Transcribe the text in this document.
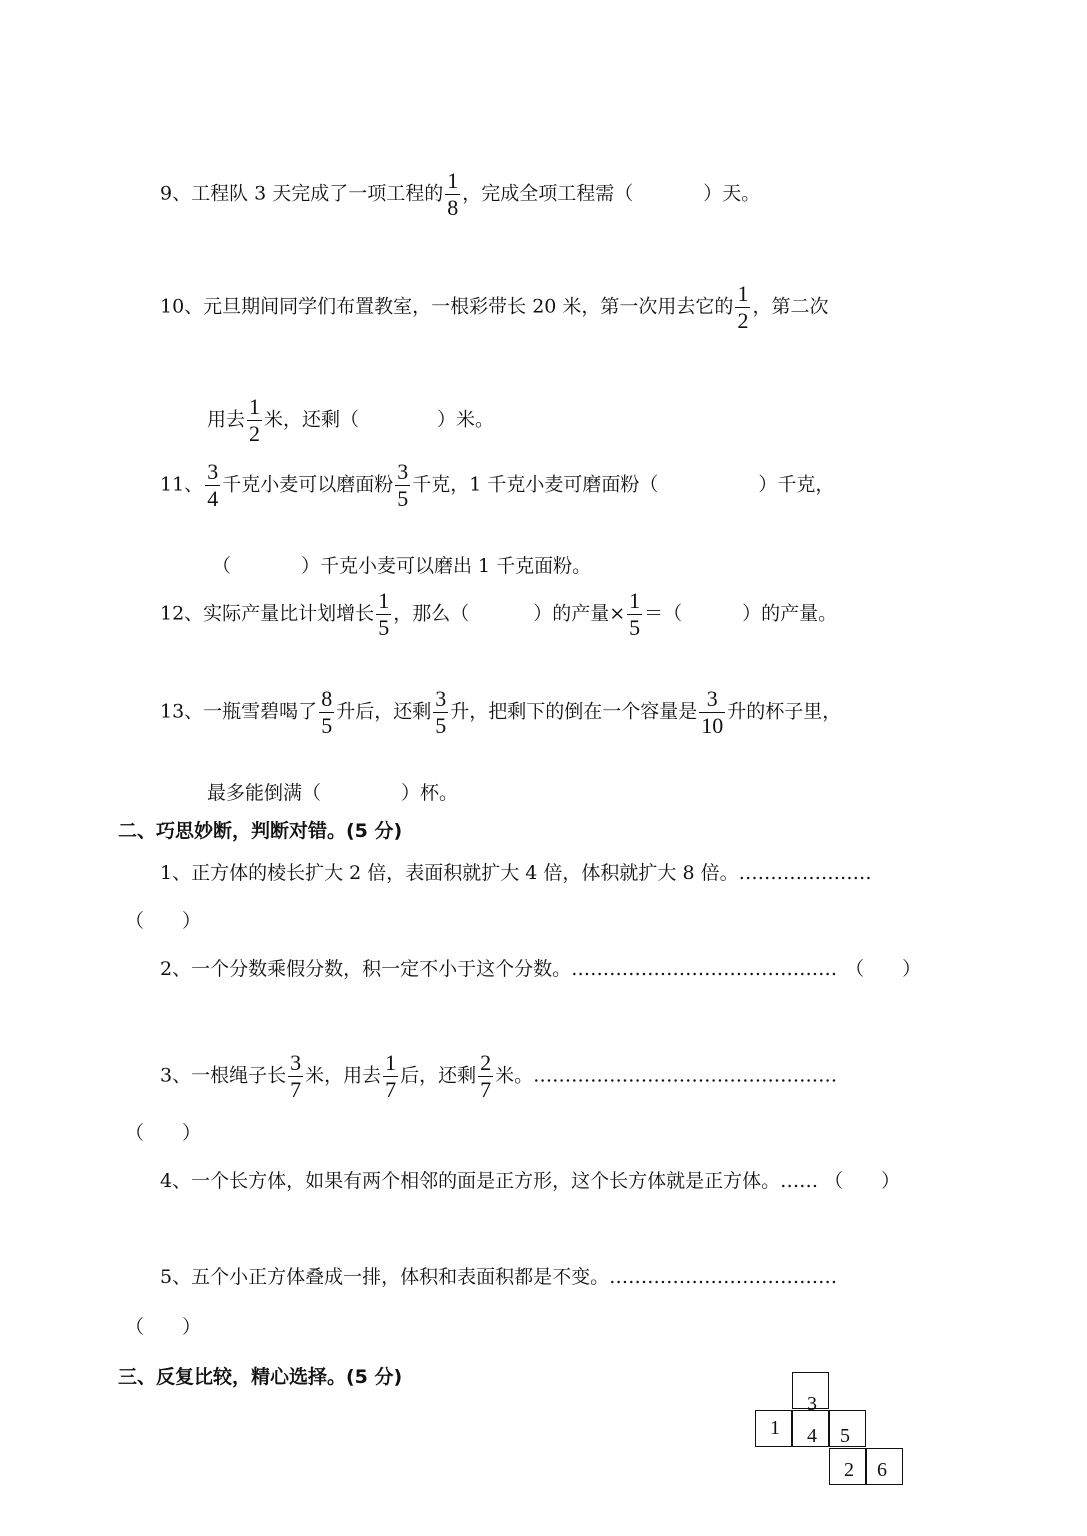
9、工程队 3 天完成了一项工程的 $\frac{1}{8}$ ，完成全项工程需（	）天。
10、元旦期间同学们布置教室，一根彩带长 20 米，第一次用去它的 $\frac{1}{2}$ ，第二次
用去 $\frac{1}{2}$ 米，还剩（	）米。
11、 $\frac{3}{4}$ 千克小麦可以磨面粉 $\frac{3}{5}$ 千克，1 千克小麦可磨面粉（	）千克，
（	）千克小麦可以磨出 1 千克面粉。
12、实际产量比计划增长 $\frac{1}{5}$ ，那么（	）的产量× $\frac{1}{5}$ ＝（	）的产量。
13、一瓶雪碧喝了 $\frac{8}{5}$ 升后，还剩 $\frac{3}{5}$ 升，把剩下的倒在一个容量是 $\frac{3}{10}$ 升的杯子里，
最多能倒满（	）杯。
二、巧思妙断，判断对错。(5 分)
1、正方体的棱长扩大 2 倍，表面积就扩大 4 倍，体积就扩大 8 倍。…………………
（　　）
2、一个分数乘假分数，积一定不小于这个分数。…………………………………… （　　）
3、一根绳子长 $\frac{3}{7}$ 米，用去 $\frac{1}{7}$ 后，还剩 $\frac{2}{7}$ 米。…………………………………………
（　　）
4、一个长方体，如果有两个相邻的面是正方形，这个长方体就是正方体。…… （　　）
5、五个小正方体叠成一排，体积和表面积都是不变。………………………………
（　　）
三、反复比较，精心选择。(5 分)
3
1 4 5
2 6
